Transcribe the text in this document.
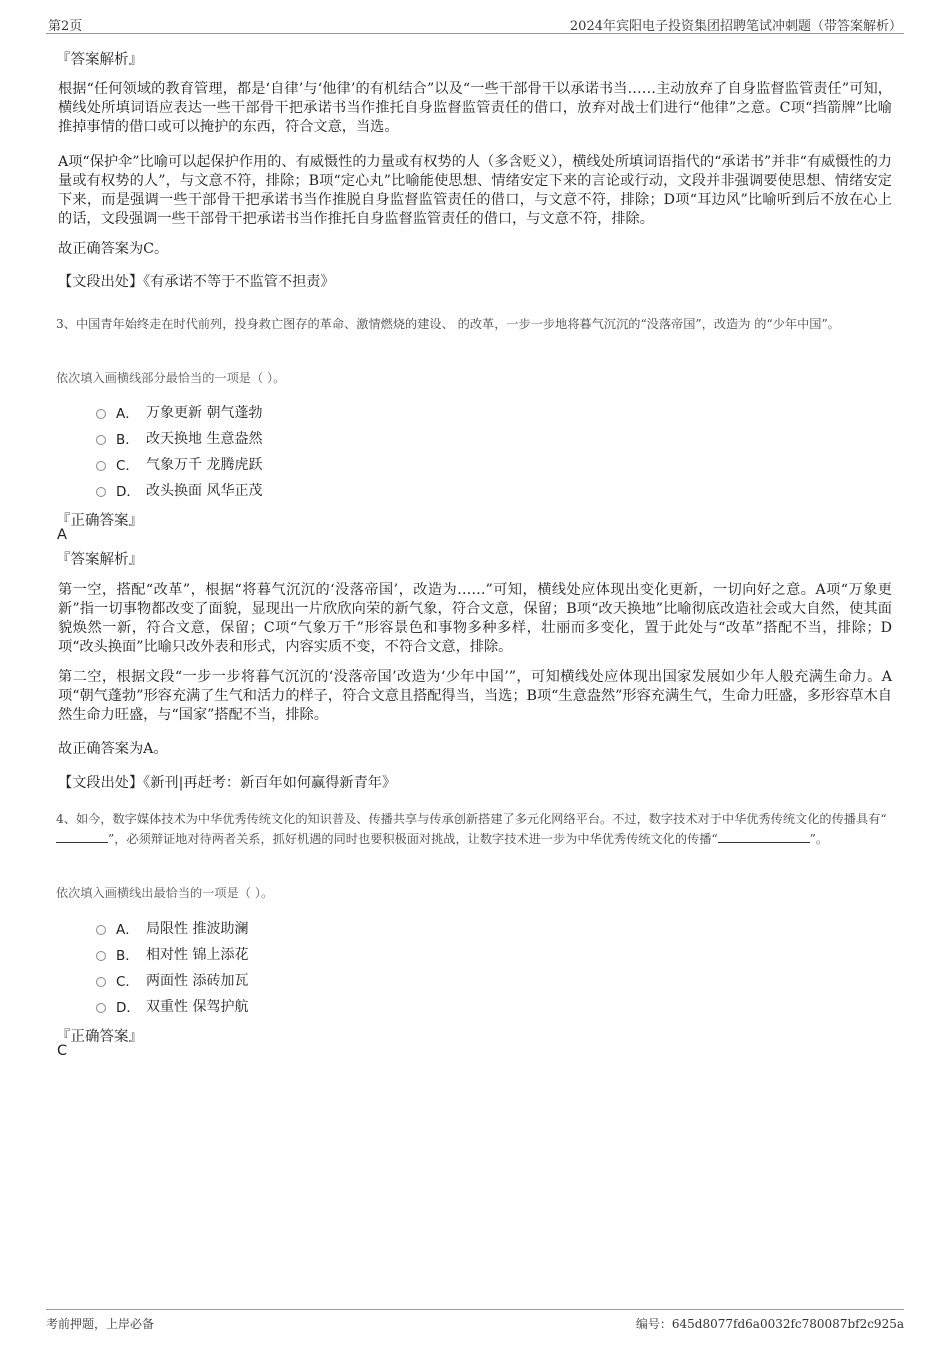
第2页	2024年宾阳电子投资集团招聘笔试冲刺题（带答案解析）
『答案解析』
根据“任何领域的教育管理，都是‘自律’与‘他律’的有机结合”以及“一些干部骨干以承诺书当……主动放弃了自身监督监管责任”可知，横线处所填词语应表达一些干部骨干把承诺书当作推托自身监督监管责任的借口，放弃对战士们进行“他律”之意。C项“挡箭牌”比喻推掉事情的借口或可以掩护的东西，符合文意，当选。
A项“保护伞”比喻可以起保护作用的、有威慑性的力量或有权势的人（多含贬义），横线处所填词语指代的“承诺书”并非“有威慑性的力量或有权势的人”，与文意不符，排除；B项“定心丸”比喻能使思想、情绪安定下来的言论或行动，文段并非强调要使思想、情绪安定下来，而是强调一些干部骨干把承诺书当作推脱自身监督监管责任的借口，与文意不符，排除；D项“耳边风”比喻听到后不放在心上的话，文段强调一些干部骨干把承诺书当作推托自身监督监管责任的借口，与文意不符，排除。
故正确答案为C。
【文段出处】《有承诺不等于不监管不担责》
3、中国青年始终走在时代前列，投身救亡图存的革命、激情燃烧的建设、 的改革，一步一步地将暮气沉沉的“没落帝国”，改造为 的“少年中国”。
依次填入画横线部分最恰当的一项是（ ）。
A． 万象更新 朝气蓬勃
B． 改天换地 生意盎然
C． 气象万千 龙腾虎跃
D． 改头换面 风华正茂
『正确答案』
A
『答案解析』
第一空，搭配“改革”，根据“将暮气沉沉的‘没落帝国’，改造为……”可知，横线处应体现出变化更新，一切向好之意。A项“万象更新”指一切事物都改变了面貌，显现出一片欣欣向荣的新气象，符合文意，保留；B项“改天换地”比喻彻底改造社会或大自然，使其面貌焕然一新，符合文意，保留；C项“气象万千”形容景色和事物多种多样，壮丽而多变化，置于此处与“改革”搭配不当，排除；D项“改头换面”比喻只改外表和形式，内容实质不变，不符合文意，排除。
第二空，根据文段“一步一步将暮气沉沉的‘没落帝国’改造为‘少年中国’”，可知横线处应体现出国家发展如少年人般充满生命力。A项“朝气蓬勃”形容充满了生气和活力的样子，符合文意且搭配得当，当选；B项“生意盎然”形容充满生气，生命力旺盛，多形容草木自然生命力旺盛，与“国家”搭配不当，排除。
故正确答案为A。
【文段出处】《新刊|再赶考：新百年如何赢得新青年》
4、如今，数字媒体技术为中华优秀传统文化的知识普及、传播共享与传承创新搭建了多元化网络平台。不过，数字技术对于中华优秀传统文化的传播具有“”，必须辩证地对待两者关系，抓好机遇的同时也要积极面对挑战，让数字技术进一步为中华优秀传统文化的传播“	”。
依次填入画横线出最恰当的一项是（ ）。
A． 局限性 推波助澜
B． 相对性 锦上添花
C． 两面性 添砖加瓦
D． 双重性 保驾护航
『正确答案』
C
考前押题，上岸必备	编号：645d8077fd6a0032fc780087bf2c925a
